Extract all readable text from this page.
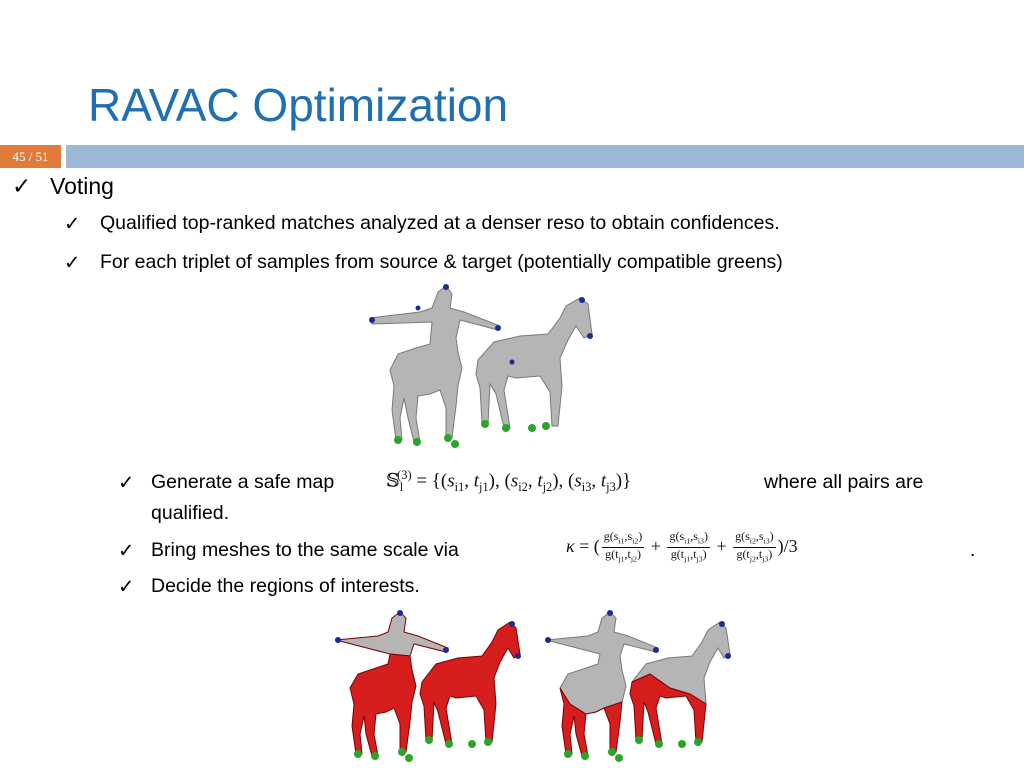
RAVAC Optimization
45 / 51
✓ Voting
✓ Qualified top-ranked matches analyzed at a denser reso to obtain confidences.
✓ For each triplet of samples from source & target (potentially compatible greens)
✓ Generate a safe map	𝕊$_l^{(3)}$ = {($s_{i1}$, $t_{j1}$), ($s_{i2}$, $t_{j2}$), ($s_{i3}$, $t_{j3}$)}	where all pairs are
qualified.
✓ Bring meshes to the same scale via	κ = ( $\frac{g(s_{i1},s_{i2})}{g(t_{j1},t_{j2})} + \frac{g(s_{i1},s_{i3})}{g(t_{j1},t_{j3})} + \frac{g(s_{i2},s_{i3})}{g(t_{j2},t_{j3})} )/3$	.
✓ Decide the regions of interests.
